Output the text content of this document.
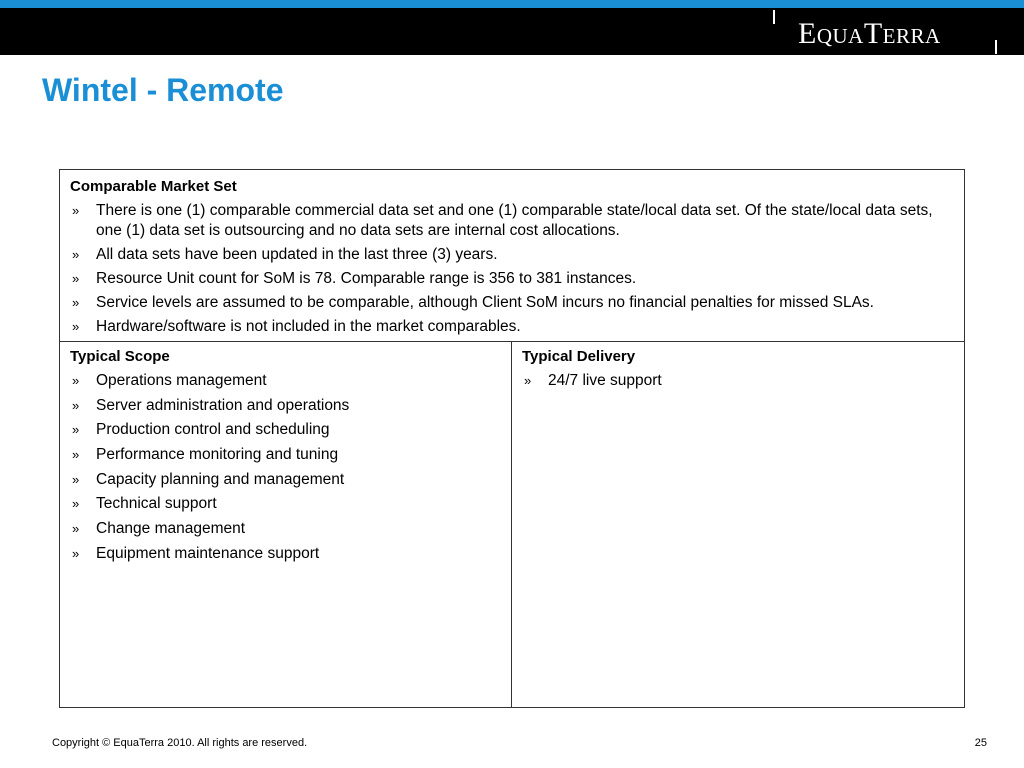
EquaTerra
Wintel - Remote
Comparable Market Set
» There is one (1) comparable commercial data set and one (1) comparable state/local data set. Of the state/local data sets, one (1) data set is outsourcing and no data sets are internal cost allocations.
» All data sets have been updated in the last three (3) years.
» Resource Unit count for SoM is 78. Comparable range is 356 to 381 instances.
» Service levels are assumed to be comparable, although Client SoM incurs no financial penalties for missed SLAs.
» Hardware/software is not included in the market comparables.
Typical Scope
» Operations management
» Server administration and operations
» Production control and scheduling
» Performance monitoring and tuning
» Capacity planning and management
» Technical support
» Change management
» Equipment maintenance support
Typical Delivery
» 24/7 live support
Copyright © EquaTerra 2010. All rights are reserved.	25
